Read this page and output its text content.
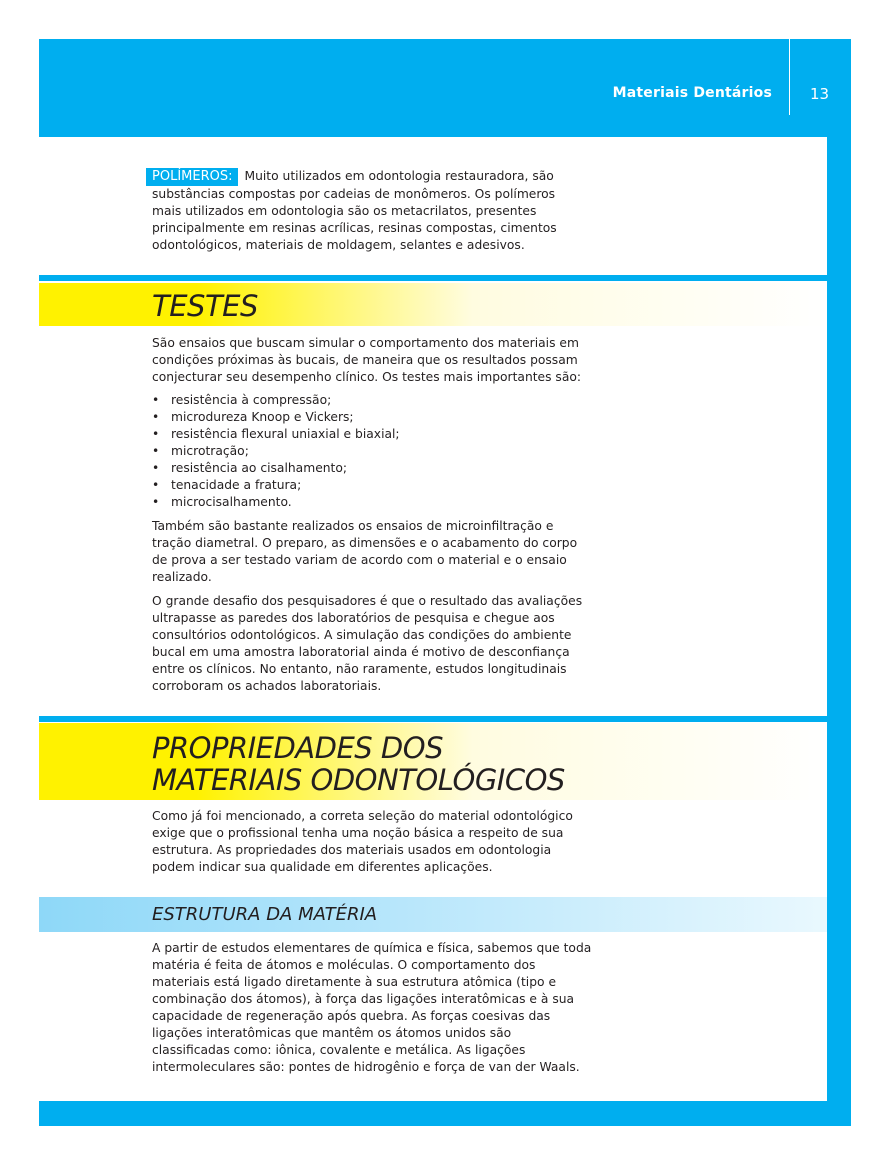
Materiais Dentários	13

POLÍMEROS: Muito utilizados em odontologia restauradora, são substâncias compostas por cadeias de monômeros. Os polímeros mais utilizados em odontologia são os metacrilatos, presentes principalmente em resinas acrílicas, resinas compostas, cimentos odontológicos, materiais de moldagem, selantes e adesivos.

TESTES

São ensaios que buscam simular o comportamento dos materiais em condições próximas às bucais, de maneira que os resultados possam conjecturar seu desempenho clínico. Os testes mais importantes são:

• resistência à compressão;
• microdureza Knoop e Vickers;
• resistência flexural uniaxial e biaxial;
• microtração;
• resistência ao cisalhamento;
• tenacidade a fratura;
• microcisalhamento.

Também são bastante realizados os ensaios de microinfiltração e tração diametral. O preparo, as dimensões e o acabamento do corpo de prova a ser testado variam de acordo com o material e o ensaio realizado.

O grande desafio dos pesquisadores é que o resultado das avaliações ultrapasse as paredes dos laboratórios de pesquisa e chegue aos consultórios odontológicos. A simulação das condições do ambiente bucal em uma amostra laboratorial ainda é motivo de desconfiança entre os clínicos. No entanto, não raramente, estudos longitudinais corroboram os achados laboratoriais.

PROPRIEDADES DOS
MATERIAIS ODONTOLÓGICOS

Como já foi mencionado, a correta seleção do material odontológico exige que o profissional tenha uma noção básica a respeito de sua estrutura. As propriedades dos materiais usados em odontologia podem indicar sua qualidade em diferentes aplicações.

ESTRUTURA DA MATÉRIA

A partir de estudos elementares de química e física, sabemos que toda matéria é feita de átomos e moléculas. O comportamento dos materiais está ligado diretamente à sua estrutura atômica (tipo e combinação dos átomos), à força das ligações interatômicas e à sua capacidade de regeneração após quebra. As forças coesivas das ligações interatômicas que mantêm os átomos unidos são classificadas como: iônica, covalente e metálica. As ligações intermoleculares são: pontes de hidrogênio e força de van der Waals.
